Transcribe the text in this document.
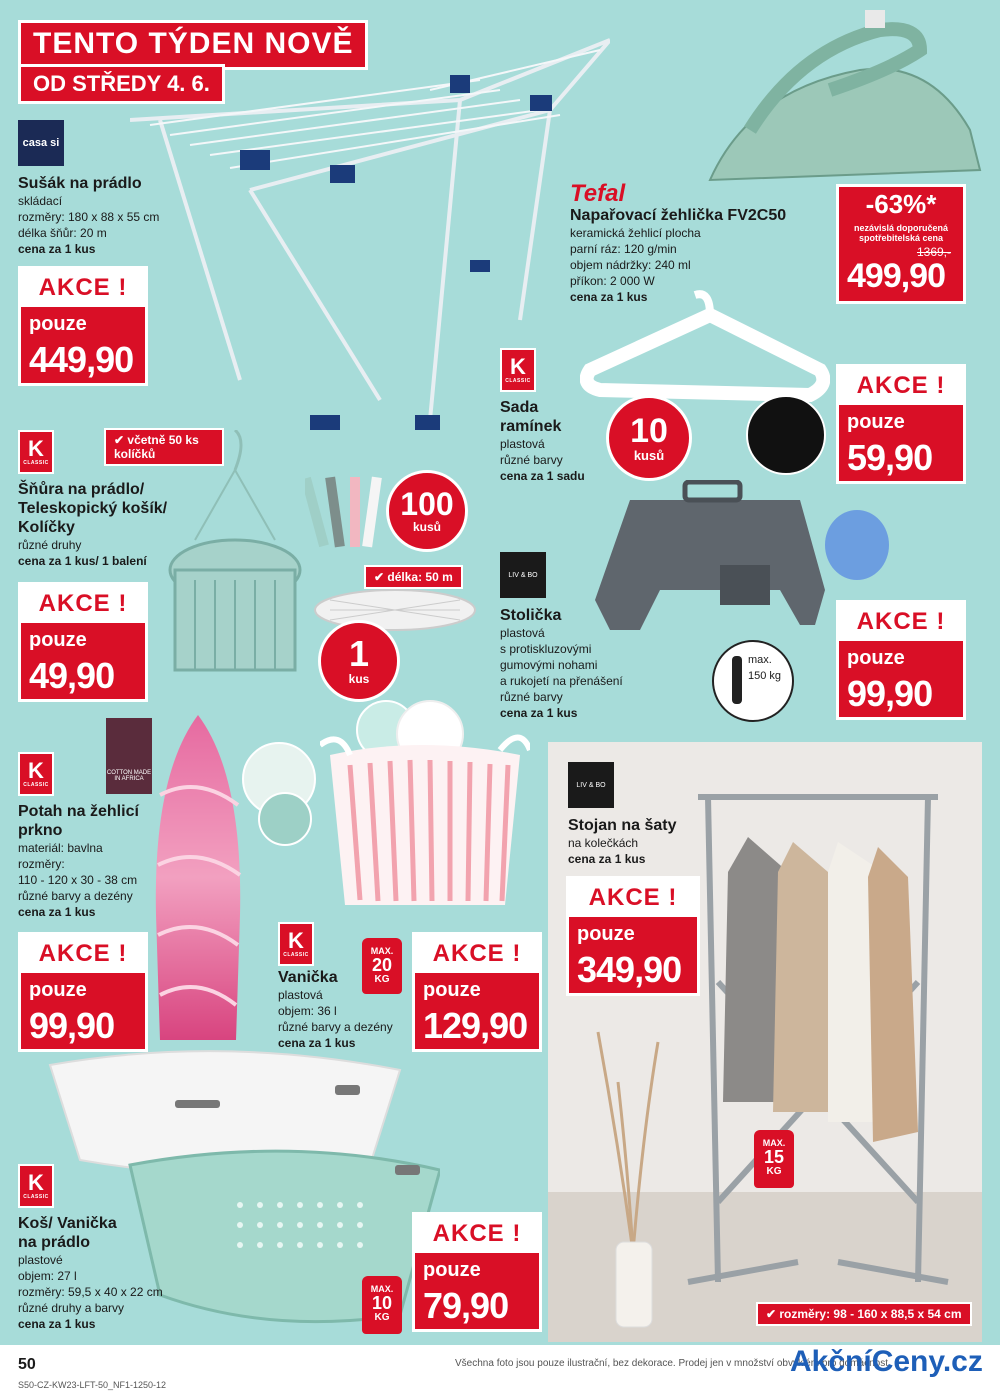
TENTO TÝDEN NOVĚ
OD STŘEDY 4. 6.
casa si
Sušák na prádlo
skládací
rozměry: 180 x 88 x 55 cm
délka šňůr: 20 m
cena za 1 kus
AKCE !
pouze
449,90
Tefal
Napařovací žehlička FV2C50
keramická žehlicí plocha
parní ráz: 120 g/min
objem nádržky: 240 ml
příkon: 2 000 W
cena za 1 kus
-63%*
nezávislá doporučená spotřebitelská cena
1369,-
499,90
K
CLASSIC
Sada ramínek
plastová
různé barvy
cena za 1 sadu
10
kusů
AKCE !
pouze
59,90
K
CLASSIC
Šňůra na prádlo/ Teleskopický košík/ Kolíčky
různé druhy
cena za 1 kus/ 1 balení
✔ včetně 50 ks kolíčků
100
kusů
✔ délka: 50 m
1
kus
AKCE !
pouze
49,90
LIV & BO
Stolička
plastová
s protiskluzovými
gumovými nohami
a rukojetí na přenášení
různé barvy
cena za 1 kus
max.
150 kg
AKCE !
pouze
99,90
COTTON MADE IN AFRICA
K
CLASSIC
Potah na žehlicí prkno
materiál: bavlna
rozměry:
110 - 120 x 30 - 38 cm
různé barvy a dezény
cena za 1 kus
AKCE !
pouze
99,90
K
CLASSIC	MAX.
20
KG
Vanička
plastová
objem: 36 l
různé barvy a dezény
cena za 1 kus
AKCE !
pouze
129,90
LIV & BO
Stojan na šaty
na kolečkách
cena za 1 kus
AKCE !
pouze
349,90
MAX.
15
KG
✔ rozměry: 98 - 160 x 88,5 x 54 cm
K
CLASSIC
Koš/ Vanička na prádlo
plastové
objem: 27 l
rozměry: 59,5 x 40 x 22 cm
různé druhy a barvy
cena za 1 kus
MAX.
10
KG
AKCE !
pouze
79,90
50
S50-CZ-KW23-LFT-50_NF1-1250-12
Všechna foto jsou pouze ilustrační, bez dekorace. Prodej jen v množství obvyklém pro domácnost.
AkčníCeny.cz
